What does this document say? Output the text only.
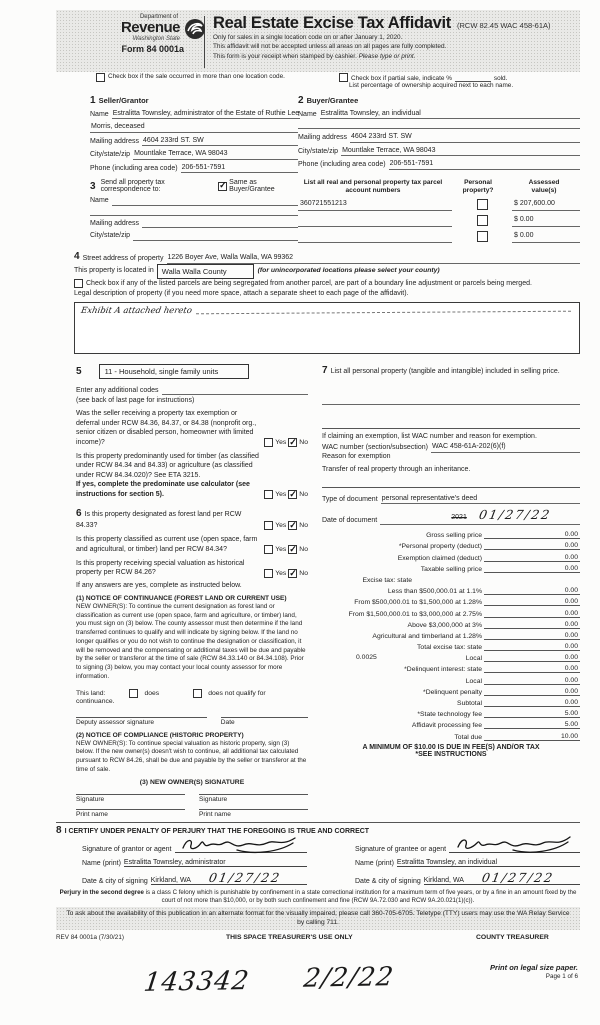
Department of
Revenue
Washington State
Form 84 0001a
Real Estate Excise Tax Affidavit (RCW 82.45 WAC 458-61A)
Only for sales in a single location code on or after January 1, 2020.
This affidavit will not be accepted unless all areas on all pages are fully completed.
This form is your receipt when stamped by cashier. Please type or print.
Check box if the sale occurred in more than one location code.	Check box if partial sale, indicate %	sold.
List percentage of ownership acquired next to each name.
1 Seller/Grantor
Name Estralitta Townsley, administrator of the Estate of Ruthie Lee
Morris, deceased
Mailing address 4604 233rd ST. SW
City/state/zip Mountlake Terrace, WA 98043
Phone (including area code) 206-551-7591
2 Buyer/Grantee
Name Estralitta Townsley, an individual
Mailing address 4604 233rd ST. SW
City/state/zip Mountlake Terrace, WA 98043
Phone (including area code) 206-551-7591
3 Send all property tax correspondence to:
✓
Same as Buyer/Grantee
Name
Mailing address
City/state/zip
List all real and personal property tax parcel account numbers
Personal
property?
Assessed
value(s)
360721551213	$ 207,600.00
$ 0.00
$ 0.00
4 Street address of property 1226 Boyer Ave, Walla Walla, WA 99362
This property is located in	Walla Walla County	(for unincorporated locations please select your county)
Check box if any of the listed parcels are being segregated from another parcel, are part of a boundary line adjustment or parcels being merged.
Legal description of property (if you need more space, attach a separate sheet to each page of the affidavit).
Exhibit A attached hereto
5	11 - Household, single family units
Enter any additional codes
(see back of last page for instructions)
Was the seller receiving a property tax exemption or deferral under RCW 84.36, 84.37, or 84.38 (nonprofit org., senior citizen or disabled person, homeowner with limited income)?	Yes ✓ No
Is this property predominantly used for timber (as classified under RCW 84.34 and 84.33) or agriculture (as classified under RCW 84.34.020)? See ETA 3215.
If yes, complete the predominate use calculator (see instructions for section 5).	Yes ✓ No
6 Is this property designated as forest land per RCW 84.33?	Yes ✓ No
Is this property classified as current use (open space, farm and agricultural, or timber) land per RCW 84.34?	Yes ✓ No
Is this property receiving special valuation as historical property per RCW 84.26?	Yes ✓ No
If any answers are yes, complete as instructed below.
(1) NOTICE OF CONTINUANCE (FOREST LAND OR CURRENT USE)
NEW OWNER(S): To continue the current designation as forest land or classification as current use (open space, farm and agriculture, or timber) land, you must sign on (3) below. The county assessor must then determine if the land transferred continues to qualify and will indicate by signing below. If the land no longer qualifies or you do not wish to continue the designation or classification, it will be removed and the compensating or additional taxes will be due and payable by the seller or transferor at the time of sale (RCW 84.33.140 or 84.34.108). Prior to signing (3) below, you may contact your local county assessor for more information.
This land:	does	does not qualify for
continuance.
Deputy assessor signature	Date
(2) NOTICE OF COMPLIANCE (HISTORIC PROPERTY)
NEW OWNER(S): To continue special valuation as historic property, sign (3) below. If the new owner(s) doesn't wish to continue, all additional tax calculated pursuant to RCW 84.26, shall be due and payable by the seller or transferor at the time of sale.
(3) NEW OWNER(S) SIGNATURE
Signature	Signature
Print name	Print name
7 List all personal property (tangible and intangible) included in selling price.
If claiming an exemption, list WAC number and reason for exemption.
WAC number (section/subsection) WAC 458-61A-202(6)(f)
Reason for exemption
Transfer of real property through an inheritance.
Type of document personal representative's deed
Date of document	2021 01/27/22
Gross selling price	0.00
*Personal property (deduct)	0.00
Exemption claimed (deduct)	0.00
Taxable selling price	0.00
Excise tax: state
Less than $500,000.01 at 1.1%	0.00
From $500,000.01 to $1,500,000 at 1.28%	0.00
From $1,500,000.01 to $3,000,000 at 2.75%	0.00
Above $3,000,000 at 3%	0.00
Agricultural and timberland at 1.28%	0.00
Total excise tax: state	0.00
0.0025	Local	0.00
*Delinquent interest: state	0.00
Local	0.00
*Delinquent penalty	0.00
Subtotal	0.00
*State technology fee	5.00
Affidavit processing fee	5.00
Total due	10.00
A MINIMUM OF $10.00 IS DUE IN FEE(S) AND/OR TAX
*SEE INSTRUCTIONS
8 I CERTIFY UNDER PENALTY OF PERJURY THAT THE FOREGOING IS TRUE AND CORRECT
Signature of grantor or agent
Name (print) Estralitta Townsley, administrator
Date & city of signing Kirkland, WA 01/27/22
Signature of grantee or agent
Name (print) Estralitta Townsley, an individual
Date & city of signing Kirkland, WA 01/27/22
Perjury in the second degree is a class C felony which is punishable by confinement in a state correctional institution for a maximum term of five years, or by a fine in an amount fixed by the court of not more than $10,000, or by both such confinement and fine (RCW 9A.72.030 and RCW 9A.20.021(1)(c)).
To ask about the availability of this publication in an alternate format for the visually impaired, please call 360-705-6705. Teletype (TTY) users may use the WA Relay Service by calling 711.
REV 84 0001a (7/30/21)	THIS SPACE TREASURER'S USE ONLY	COUNTY TREASURER
143342 2/2/22	Print on legal size paper.
Page 1 of 6
